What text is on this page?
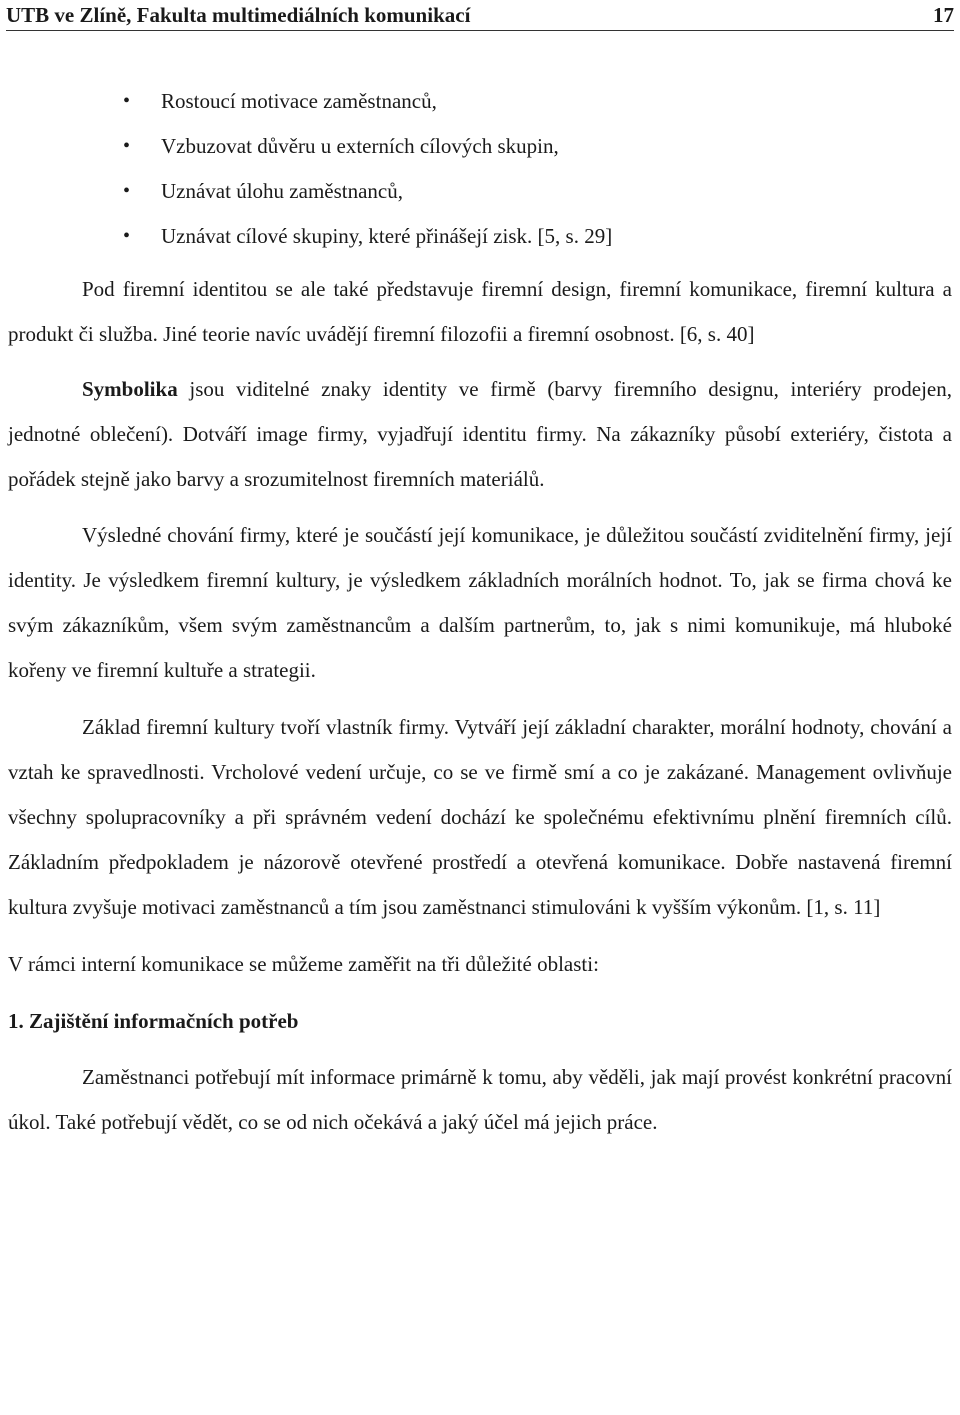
UTB ve Zlíně, Fakulta multimediálních komunikací	17
• Rostoucí motivace zaměstnanců,
• Vzbuzovat důvěru u externích cílových skupin,
• Uznávat úlohu zaměstnanců,
• Uznávat cílové skupiny, které přinášejí zisk. [5, s. 29]

Pod firemní identitou se ale také představuje firemní design, firemní komunikace, firemní kultura a produkt či služba. Jiné teorie navíc uvádějí firemní filozofii a firemní osobnost. [6, s. 40]

Symbolika jsou viditelné znaky identity ve firmě (barvy firemního designu, interiéry prodejen, jednotné oblečení). Dotváří image firmy, vyjadřují identitu firmy. Na zákazníky působí exteriéry, čistota a pořádek stejně jako barvy a srozumitelnost firemních materiálů.

Výsledné chování firmy, které je součástí její komunikace, je důležitou součástí zviditelnění firmy, její identity. Je výsledkem firemní kultury, je výsledkem základních morálních hodnot. To, jak se firma chová ke svým zákazníkům, všem svým zaměstnancům a dalším partnerům, to, jak s nimi komunikuje, má hluboké kořeny ve firemní kultuře a strategii.

Základ firemní kultury tvoří vlastník firmy. Vytváří její základní charakter, morální hodnoty, chování a vztah ke spravedlnosti. Vrcholové vedení určuje, co se ve firmě smí a co je zakázané. Management ovlivňuje všechny spolupracovníky a při správném vedení dochází ke společnému efektivnímu plnění firemních cílů. Základním předpokladem je názorově otevřené prostředí a otevřená komunikace. Dobře nastavená firemní kultura zvyšuje motivaci zaměstnanců a tím jsou zaměstnanci stimulováni k vyšším výkonům. [1, s. 11]

V rámci interní komunikace se můžeme zaměřit na tři důležité oblasti:

1. Zajištění informačních potřeb

Zaměstnanci potřebují mít informace primárně k tomu, aby věděli, jak mají provést konkrétní pracovní úkol. Také potřebují vědět, co se od nich očekává a jaký účel má jejich práce.
